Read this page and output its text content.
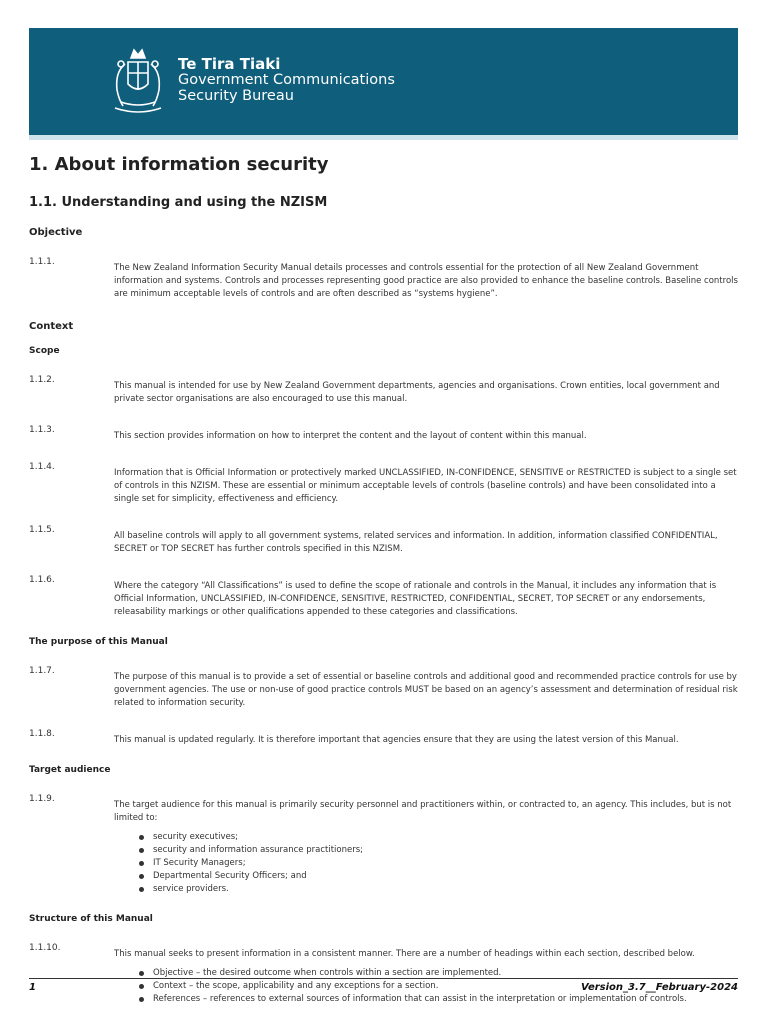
Te Tira Tiaki
Government Communications
Security Bureau
1. About information security
1.1. Understanding and using the NZISM
Objective
1.1.1.
The New Zealand Information Security Manual details processes and controls essential for the protection of all New Zealand Government information and systems. Controls and processes representing good practice are also provided to enhance the baseline controls. Baseline controls are minimum acceptable levels of controls and are often described as “systems hygiene”.
Context
Scope
1.1.2.
This manual is intended for use by New Zealand Government departments, agencies and organisations. Crown entities, local government and private sector organisations are also encouraged to use this manual.
1.1.3.
This section provides information on how to interpret the content and the layout of content within this manual.
1.1.4.
Information that is Official Information or protectively marked UNCLASSIFIED, IN-CONFIDENCE, SENSITIVE or RESTRICTED is subject to a single set of controls in this NZISM. These are essential or minimum acceptable levels of controls (baseline controls) and have been consolidated into a single set for simplicity, effectiveness and efficiency.
1.1.5.
All baseline controls will apply to all government systems, related services and information. In addition, information classified CONFIDENTIAL, SECRET or TOP SECRET has further controls specified in this NZISM.
1.1.6.
Where the category “All Classifications” is used to define the scope of rationale and controls in the Manual, it includes any information that is Official Information, UNCLASSIFIED, IN-CONFIDENCE, SENSITIVE, RESTRICTED, CONFIDENTIAL, SECRET, TOP SECRET or any endorsements, releasability markings or other qualifications appended to these categories and classifications.
The purpose of this Manual
1.1.7.
The purpose of this manual is to provide a set of essential or baseline controls and additional good and recommended practice controls for use by government agencies. The use or non-use of good practice controls MUST be based on an agency’s assessment and determination of residual risk related to information security.
1.1.8.
This manual is updated regularly. It is therefore important that agencies ensure that they are using the latest version of this Manual.
Target audience
1.1.9.
The target audience for this manual is primarily security personnel and practitioners within, or contracted to, an agency. This includes, but is not limited to:
security executives;
security and information assurance practitioners;
IT Security Managers;
Departmental Security Officers; and
service providers.
Structure of this Manual
1.1.10.
This manual seeks to present information in a consistent manner. There are a number of headings within each section, described below.
Objective – the desired outcome when controls within a section are implemented.
Context – the scope, applicability and any exceptions for a section.
References – references to external sources of information that can assist in the interpretation or implementation of controls.
1	Version_3.7__February-2024
